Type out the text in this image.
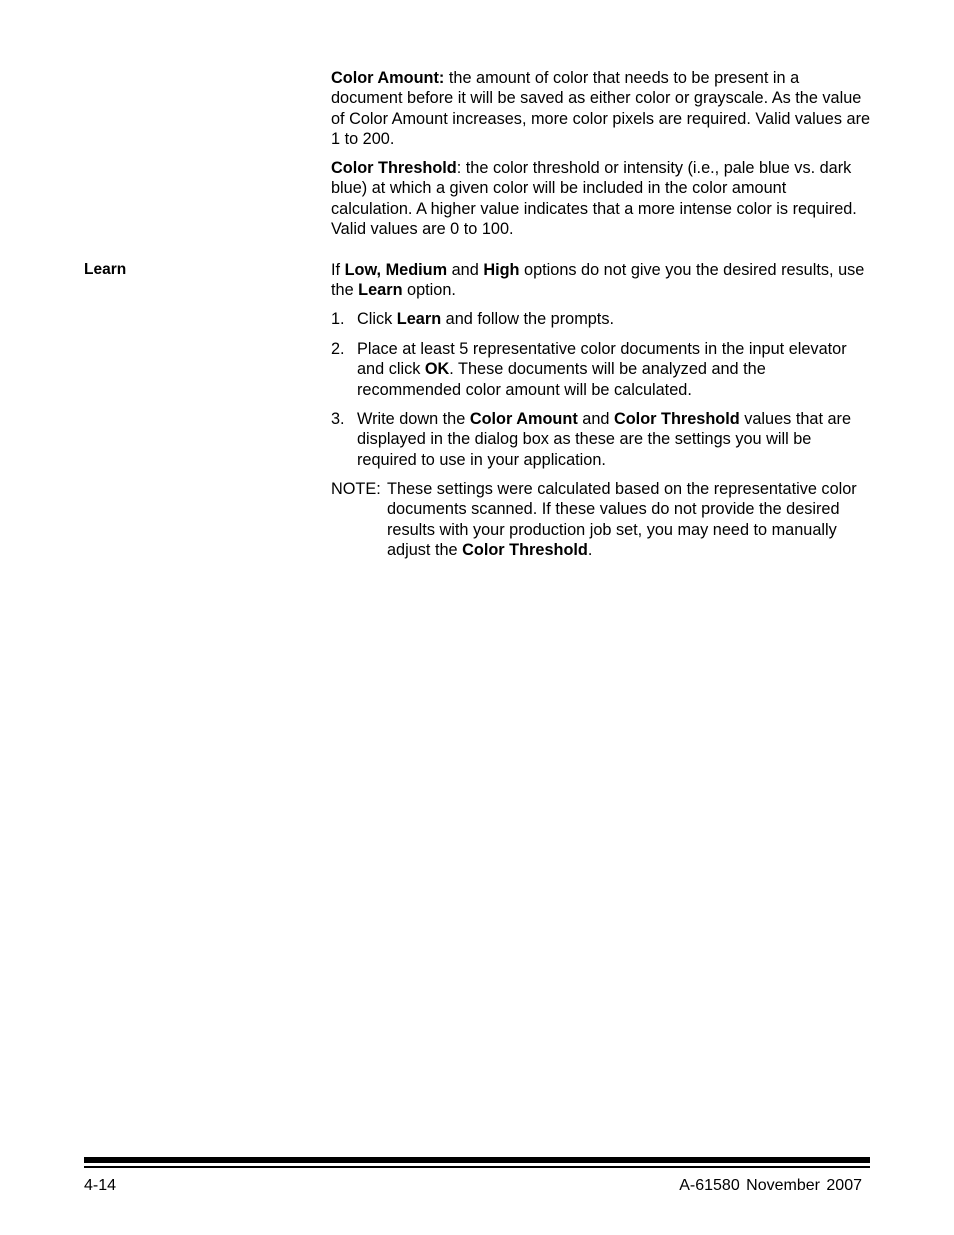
Color Amount: the amount of color that needs to be present in a document before it will be saved as either color or grayscale. As the value of Color Amount increases, more color pixels are required. Valid values are 1 to 200.

Color Threshold: the color threshold or intensity (i.e., pale blue vs. dark blue) at which a given color will be included in the color amount calculation. A higher value indicates that a more intense color is required. Valid values are 0 to 100.

Learn	If Low, Medium and High options do not give you the desired results, use the Learn option.

1. Click Learn and follow the prompts.

2. Place at least 5 representative color documents in the input elevator and click OK. These documents will be analyzed and the recommended color amount will be calculated.

3. Write down the Color Amount and Color Threshold values that are displayed in the dialog box as these are the settings you will be required to use in your application.

NOTE: These settings were calculated based on the representative color documents scanned. If these values do not provide the desired results with your production job set, you may need to manually adjust the Color Threshold.

4-14	A-61580 November 2007
